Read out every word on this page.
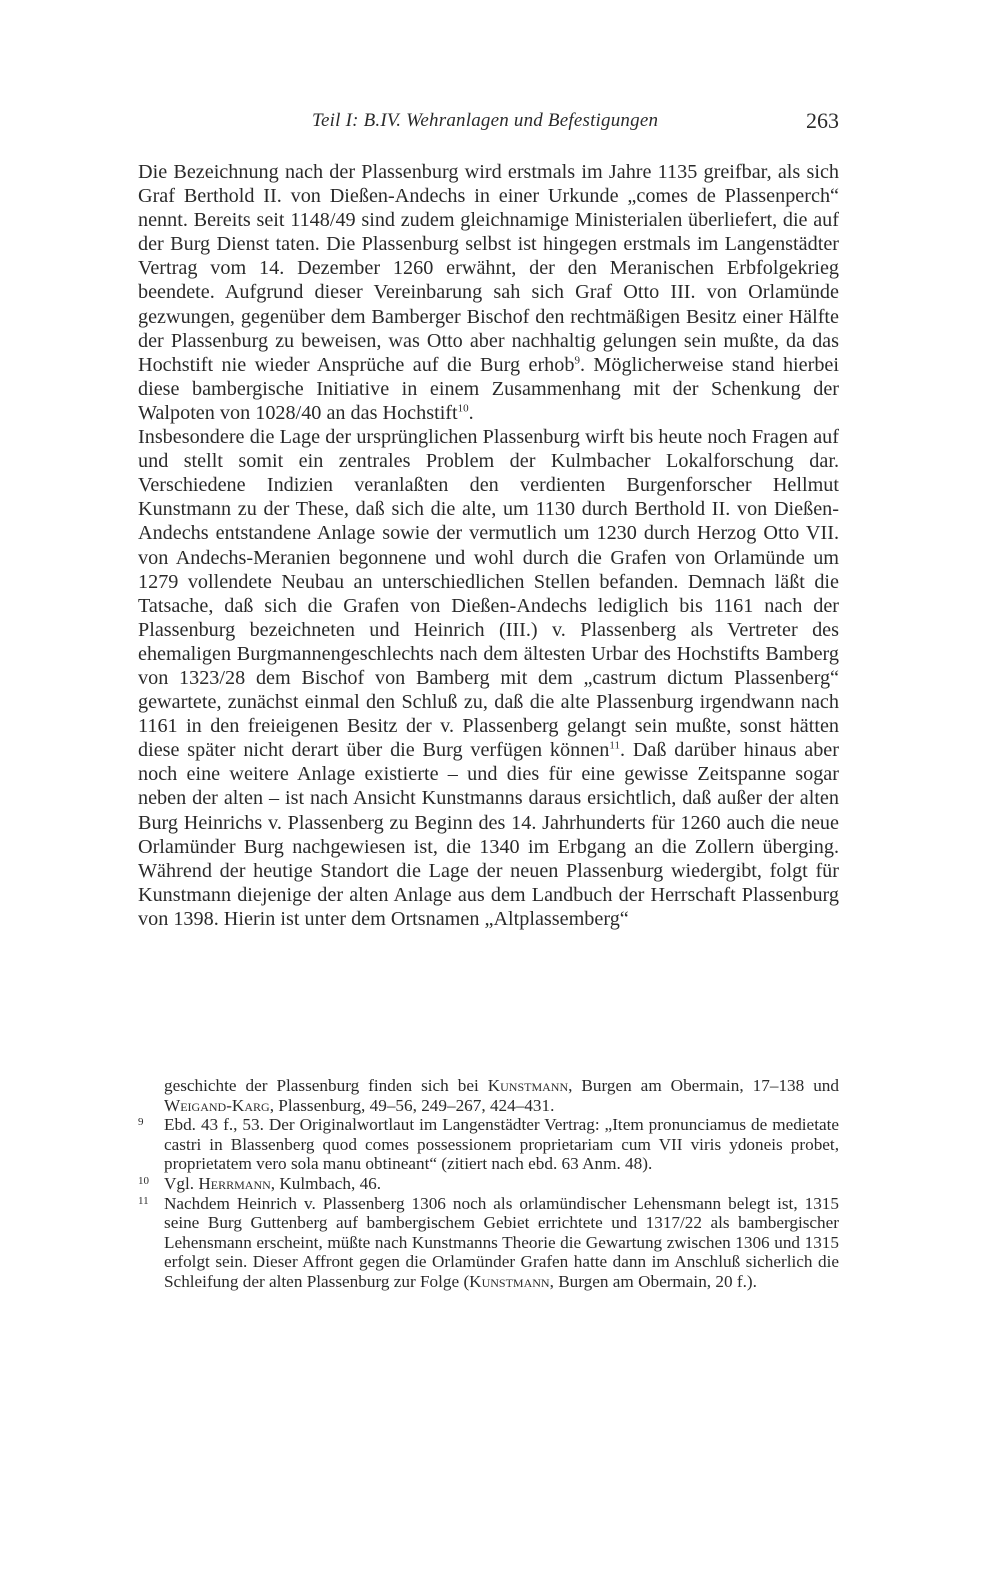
Teil I: B.IV. Wehranlagen und Befestigungen	263

Die Bezeichnung nach der Plassenburg wird erstmals im Jahre 1135 greifbar, als sich Graf Berthold II. von Dießen-Andechs in einer Urkunde „comes de Plassenperch“ nennt. Bereits seit 1148/49 sind zudem gleichnamige Ministerialen überliefert, die auf der Burg Dienst taten. Die Plassenburg selbst ist hingegen erstmals im Langenstädter Vertrag vom 14. Dezember 1260 erwähnt, der den Meranischen Erbfolgekrieg beendete. Aufgrund dieser Vereinbarung sah sich Graf Otto III. von Orlamünde gezwungen, gegenüber dem Bamberger Bischof den rechtmäßigen Besitz einer Hälfte der Plassenburg zu beweisen, was Otto aber nachhaltig gelungen sein mußte, da das Hochstift nie wieder Ansprüche auf die Burg erhob$^9$. Möglicherweise stand hierbei diese bambergische Initiative in einem Zusammenhang mit der Schenkung der Walpoten von 1028/40 an das Hochstift$^{10}$.

Insbesondere die Lage der ursprünglichen Plassenburg wirft bis heute noch Fragen auf und stellt somit ein zentrales Problem der Kulmbacher Lokalforschung dar. Verschiedene Indizien veranlaßten den verdienten Burgenforscher Hellmut Kunstmann zu der These, daß sich die alte, um 1130 durch Berthold II. von Dießen-Andechs entstandene Anlage sowie der vermutlich um 1230 durch Herzog Otto VII. von Andechs-Meranien begonnene und wohl durch die Grafen von Orlamünde um 1279 vollendete Neubau an unterschiedlichen Stellen befanden. Demnach läßt die Tatsache, daß sich die Grafen von Dießen-Andechs lediglich bis 1161 nach der Plassenburg bezeichneten und Heinrich (III.) v. Plassenberg als Vertreter des ehemaligen Burgmannengeschlechts nach dem ältesten Urbar des Hochstifts Bamberg von 1323/28 dem Bischof von Bamberg mit dem „castrum dictum Plassenberg“ gewartete, zunächst einmal den Schluß zu, daß die alte Plassenburg irgendwann nach 1161 in den freieigenen Besitz der v. Plassenberg gelangt sein mußte, sonst hätten diese später nicht derart über die Burg verfügen können$^{11}$. Daß darüber hinaus aber noch eine weitere Anlage existierte – und dies für eine gewisse Zeitspanne sogar neben der alten – ist nach Ansicht Kunstmanns daraus ersichtlich, daß außer der alten Burg Heinrichs v. Plassenberg zu Beginn des 14. Jahrhunderts für 1260 auch die neue Orlamünder Burg nachgewiesen ist, die 1340 im Erbgang an die Zollern überging. Während der heutige Standort die Lage der neuen Plassenburg wiedergibt, folgt für Kunstmann diejenige der alten Anlage aus dem Landbuch der Herrschaft Plassenburg von 1398. Hierin ist unter dem Ortsnamen „Altplassemberg“

geschichte der Plassenburg finden sich bei Kunstmann, Burgen am Obermain, 17–138 und Weigand-Karg, Plassenburg, 49–56, 249–267, 424–431.

9 Ebd. 43 f., 53. Der Originalwortlaut im Langenstädter Vertrag: „Item pronunciamus de medietate castri in Blassenberg quod comes possessionem proprietariam cum VII viris ydoneis probet, proprietatem vero sola manu obtineant“ (zitiert nach ebd. 63 Anm. 48).

10 Vgl. Herrmann, Kulmbach, 46.

11 Nachdem Heinrich v. Plassenberg 1306 noch als orlamündischer Lehensmann belegt ist, 1315 seine Burg Guttenberg auf bambergischem Gebiet errichtete und 1317/22 als bambergischer Lehensmann erscheint, müßte nach Kunstmanns Theorie die Gewartung zwischen 1306 und 1315 erfolgt sein. Dieser Affront gegen die Orlamünder Grafen hatte dann im Anschluß sicherlich die Schleifung der alten Plassenburg zur Folge (Kunstmann, Burgen am Obermain, 20 f.).
